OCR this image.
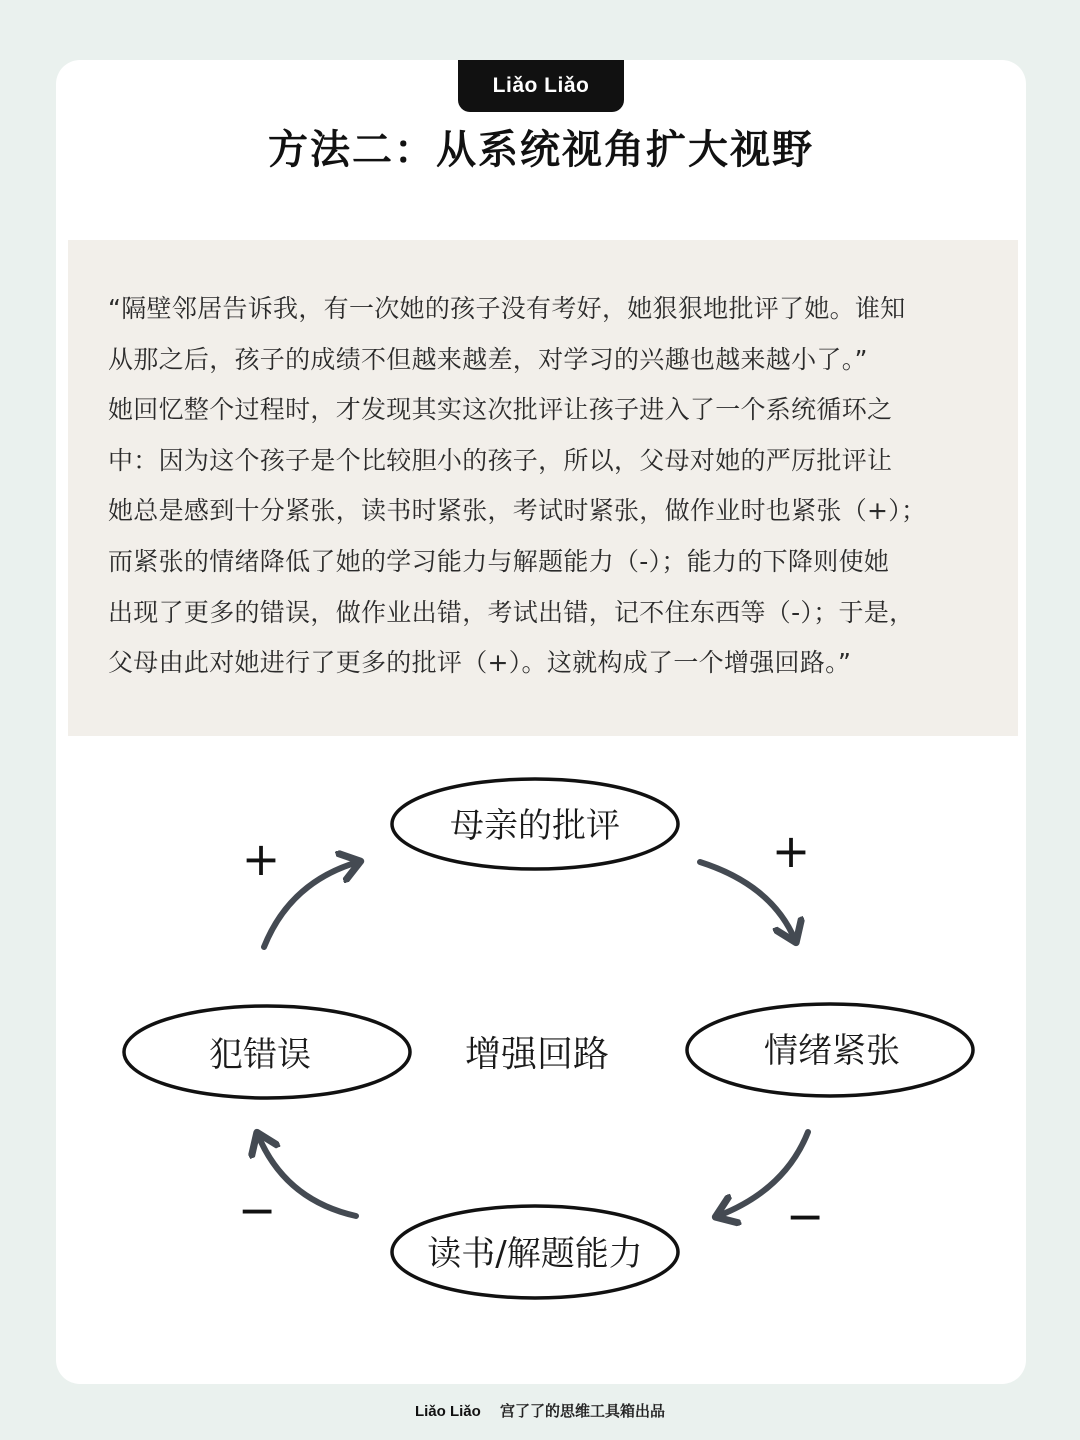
Liǎo Liǎo
方法二：从系统视角扩大视野
“隔壁邻居告诉我，有一次她的孩子没有考好，她狠狠地批评了她。谁知
从那之后，孩子的成绩不但越来越差，对学习的兴趣也越来越小了。”
她回忆整个过程时，才发现其实这次批评让孩子进入了一个系统循环之
中：因为这个孩子是个比较胆小的孩子，所以，父母对她的严厉批评让
她总是感到十分紧张，读书时紧张，考试时紧张，做作业时也紧张（+）；
而紧张的情绪降低了她的学习能力与解题能力（-）；能力的下降则使她
出现了更多的错误，做作业出错，考试出错，记不住东西等（-）；于是，
父母由此对她进行了更多的批评（+）。这就构成了一个增强回路。”
母亲的批评
情绪紧张
读书/解题能力
犯错误	增强回路
+	+
−
−
Liǎo Liǎo 宫了了的思维工具箱出品
